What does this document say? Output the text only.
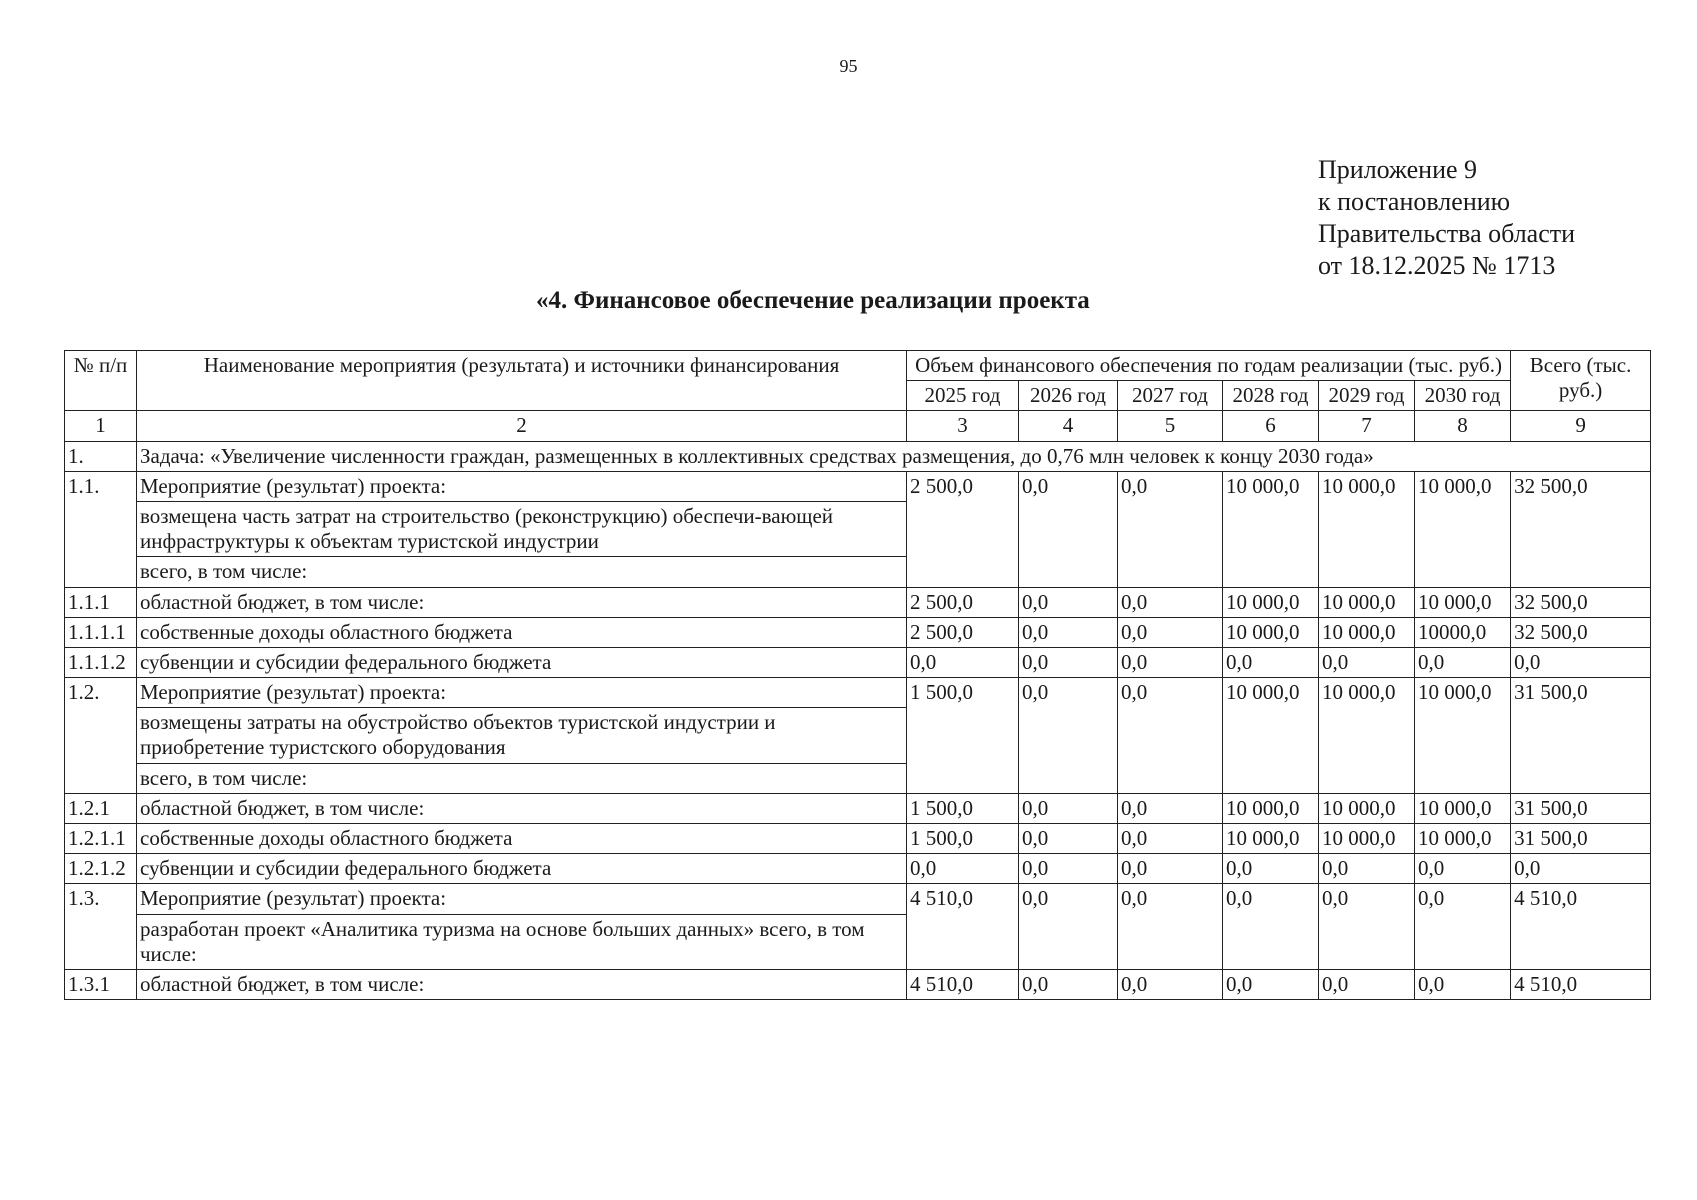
95
Приложение 9
к постановлению
Правительства области
от 18.12.2025 № 1713
«4. Финансовое обеспечение реализации проекта
№ п/п	Наименование мероприятия (результата) и источники финансирования	Объем финансового обеспечения по годам реализации (тыс. руб.)						Всего (тыс. руб.)
		2025 год	2026 год	2027 год	2028 год	2029 год	2030 год	
1	2	3	4	5	6	7	8	9
1.	Задача: «Увеличение численности граждан, размещенных в коллективных средствах размещения, до 0,76 млн человек к концу 2030 года»							
1.1.	Мероприятие (результат) проекта:	2 500,0	0,0	0,0	10 000,0	10 000,0	10 000,0	32 500,0
	возмещена часть затрат на строительство (реконструкцию) обеспечи-вающей инфраструктуры к объектам туристской индустрии							
	всего, в том числе:							
1.1.1	областной бюджет, в том числе:	2 500,0	0,0	0,0	10 000,0	10 000,0	10 000,0	32 500,0
1.1.1.1	собственные доходы областного бюджета	2 500,0	0,0	0,0	10 000,0	10 000,0	10000,0	32 500,0
1.1.1.2	субвенции и субсидии федерального бюджета	0,0	0,0	0,0	0,0	0,0	0,0	0,0
1.2.	Мероприятие (результат) проекта:	1 500,0	0,0	0,0	10 000,0	10 000,0	10 000,0	31 500,0
	возмещены затраты на обустройство объектов туристской индустрии и приобретение туристского оборудования							
	всего, в том числе:							
1.2.1	областной бюджет, в том числе:	1 500,0	0,0	0,0	10 000,0	10 000,0	10 000,0	31 500,0
1.2.1.1	собственные доходы областного бюджета	1 500,0	0,0	0,0	10 000,0	10 000,0	10 000,0	31 500,0
1.2.1.2	субвенции и субсидии федерального бюджета	0,0	0,0	0,0	0,0	0,0	0,0	0,0
1.3.	Мероприятие (результат) проекта:	4 510,0	0,0	0,0	0,0	0,0	0,0	4 510,0
	разработан проект «Аналитика туризма на основе больших данных» всего, в том числе:							
1.3.1	областной бюджет, в том числе:	4 510,0	0,0	0,0	0,0	0,0	0,0	4 510,0
